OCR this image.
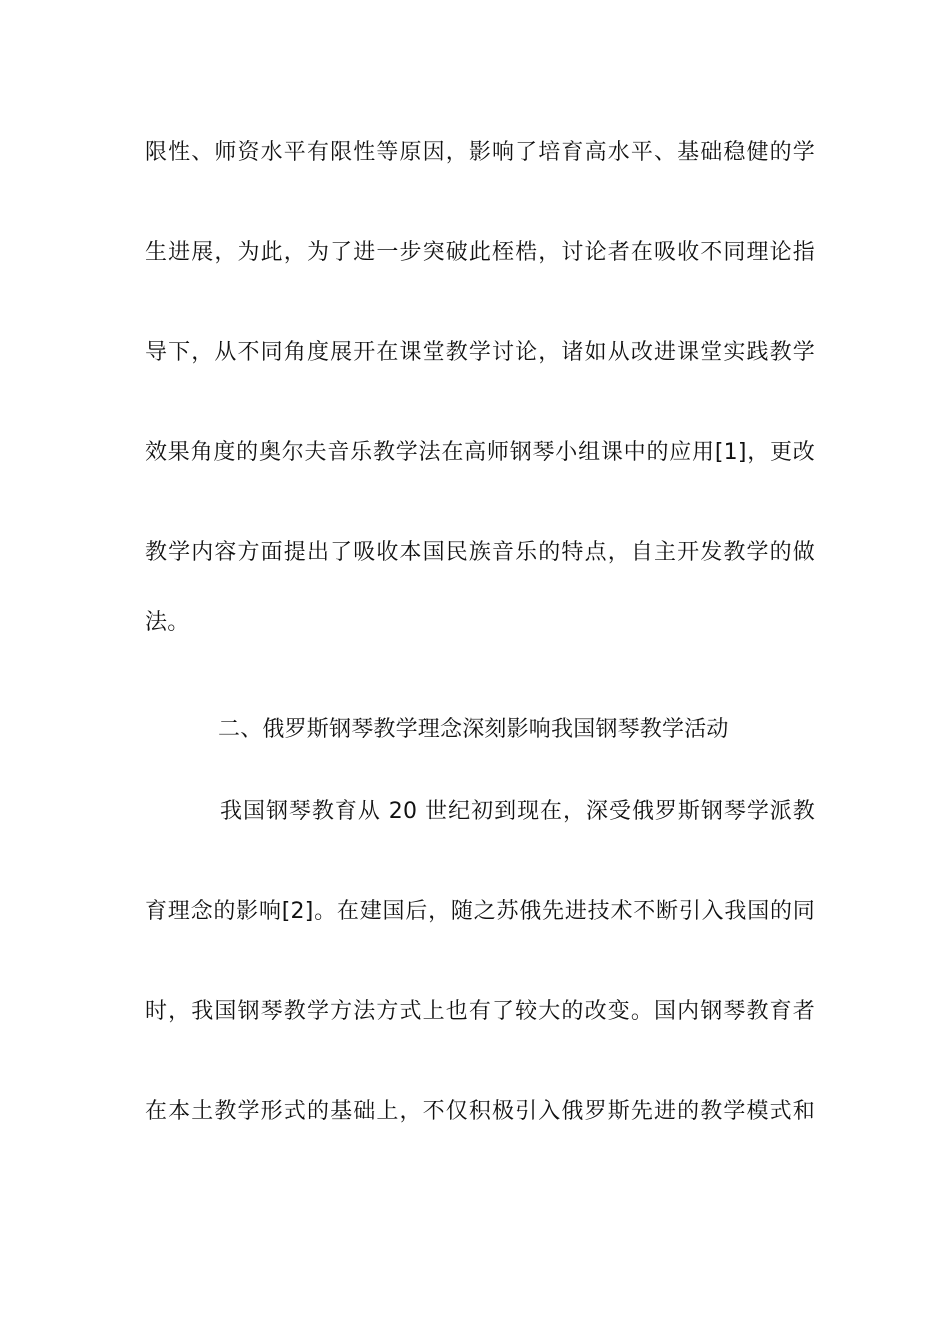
限性、师资水平有限性等原因，影响了培育高水平、基础稳健的学
生进展，为此，为了进一步突破此桎梏，讨论者在吸收不同理论指
导下，从不同角度展开在课堂教学讨论，诸如从改进课堂实践教学
效果角度的奥尔夫音乐教学法在高师钢琴小组课中的应用[1]，更改
教学内容方面提出了吸收本国民族音乐的特点，自主开发教学的做
法。
二、俄罗斯钢琴教学理念深刻影响我国钢琴教学活动
我国钢琴教育从 20 世纪初到现在，深受俄罗斯钢琴学派教
育理念的影响[2]。在建国后，随之苏俄先进技术不断引入我国的同
时，我国钢琴教学方法方式上也有了较大的改变。国内钢琴教育者
在本土教学形式的基础上，不仅积极引入俄罗斯先进的教学模式和
